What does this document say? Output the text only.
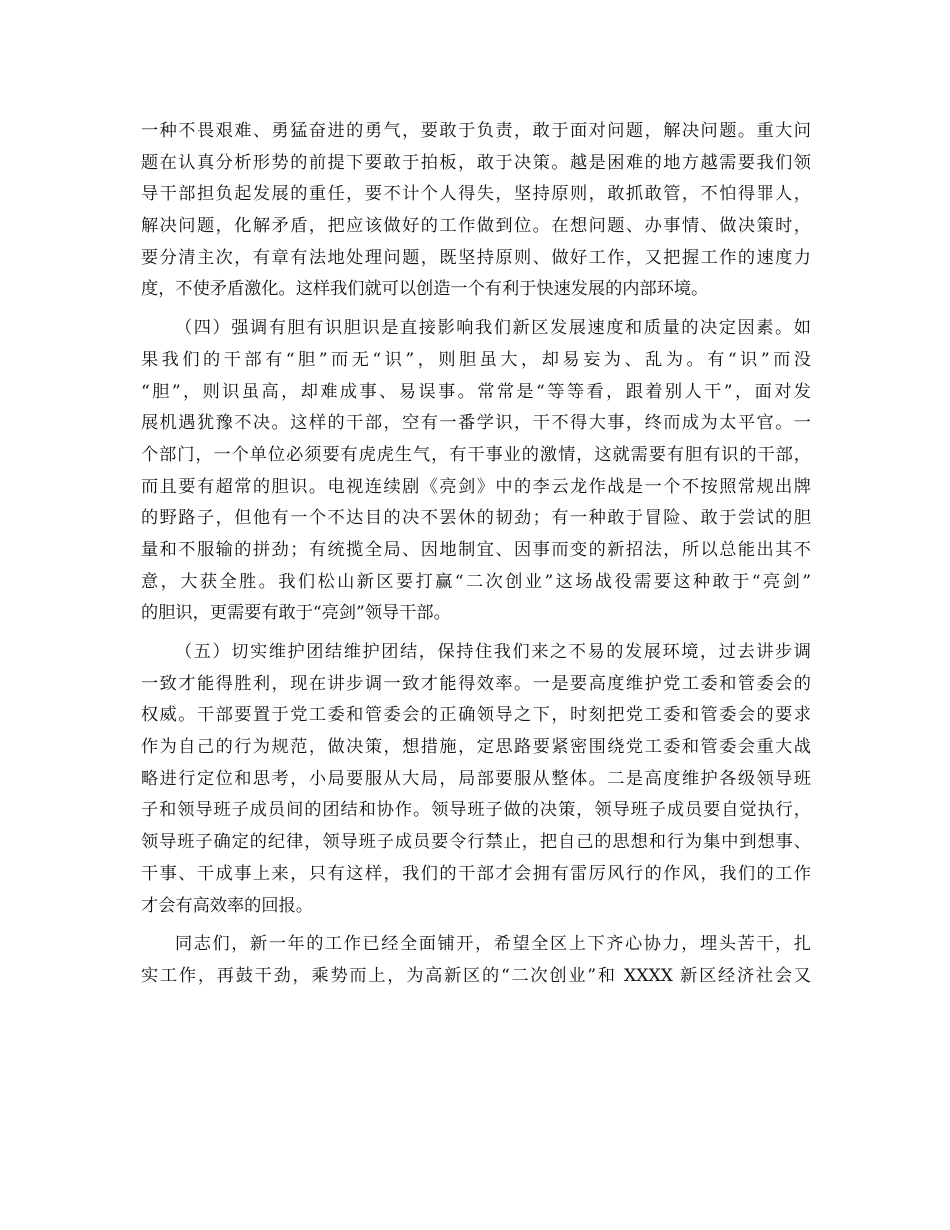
一种不畏艰难、勇猛奋进的勇气，要敢于负责，敢于面对问题，解决问题。重大问
题在认真分析形势的前提下要敢于拍板，敢于决策。越是困难的地方越需要我们领
导干部担负起发展的重任，要不计个人得失，坚持原则，敢抓敢管，不怕得罪人，
解决问题，化解矛盾，把应该做好的工作做到位。在想问题、办事情、做决策时，
要分清主次，有章有法地处理问题，既坚持原则、做好工作，又把握工作的速度力
度，不使矛盾激化。这样我们就可以创造一个有利于快速发展的内部环境。
（四）强调有胆有识胆识是直接影响我们新区发展速度和质量的决定因素。如
果我们的干部有“胆”而无“识”，则胆虽大，却易妄为、乱为。有“识”而没
“胆”，则识虽高，却难成事、易误事。常常是“等等看，跟着别人干”，面对发
展机遇犹豫不决。这样的干部，空有一番学识，干不得大事，终而成为太平官。一
个部门，一个单位必须要有虎虎生气，有干事业的激情，这就需要有胆有识的干部，
而且要有超常的胆识。电视连续剧《亮剑》中的李云龙作战是一个不按照常规出牌
的野路子，但他有一个不达目的决不罢休的韧劲；有一种敢于冒险、敢于尝试的胆
量和不服输的拼劲；有统揽全局、因地制宜、因事而变的新招法，所以总能出其不
意，大获全胜。我们松山新区要打赢“二次创业”这场战役需要这种敢于“亮剑”
的胆识，更需要有敢于“亮剑”领导干部。
（五）切实维护团结维护团结，保持住我们来之不易的发展环境，过去讲步调
一致才能得胜利，现在讲步调一致才能得效率。一是要高度维护党工委和管委会的
权威。干部要置于党工委和管委会的正确领导之下，时刻把党工委和管委会的要求
作为自己的行为规范，做决策，想措施，定思路要紧密围绕党工委和管委会重大战
略进行定位和思考，小局要服从大局，局部要服从整体。二是高度维护各级领导班
子和领导班子成员间的团结和协作。领导班子做的决策，领导班子成员要自觉执行，
领导班子确定的纪律，领导班子成员要令行禁止，把自己的思想和行为集中到想事、
干事、干成事上来，只有这样，我们的干部才会拥有雷厉风行的作风，我们的工作
才会有高效率的回报。
同志们，新一年的工作已经全面铺开，希望全区上下齐心协力，埋头苦干，扎
实工作，再鼓干劲，乘势而上，为高新区的“二次创业”和 XXXX 新区经济社会又
